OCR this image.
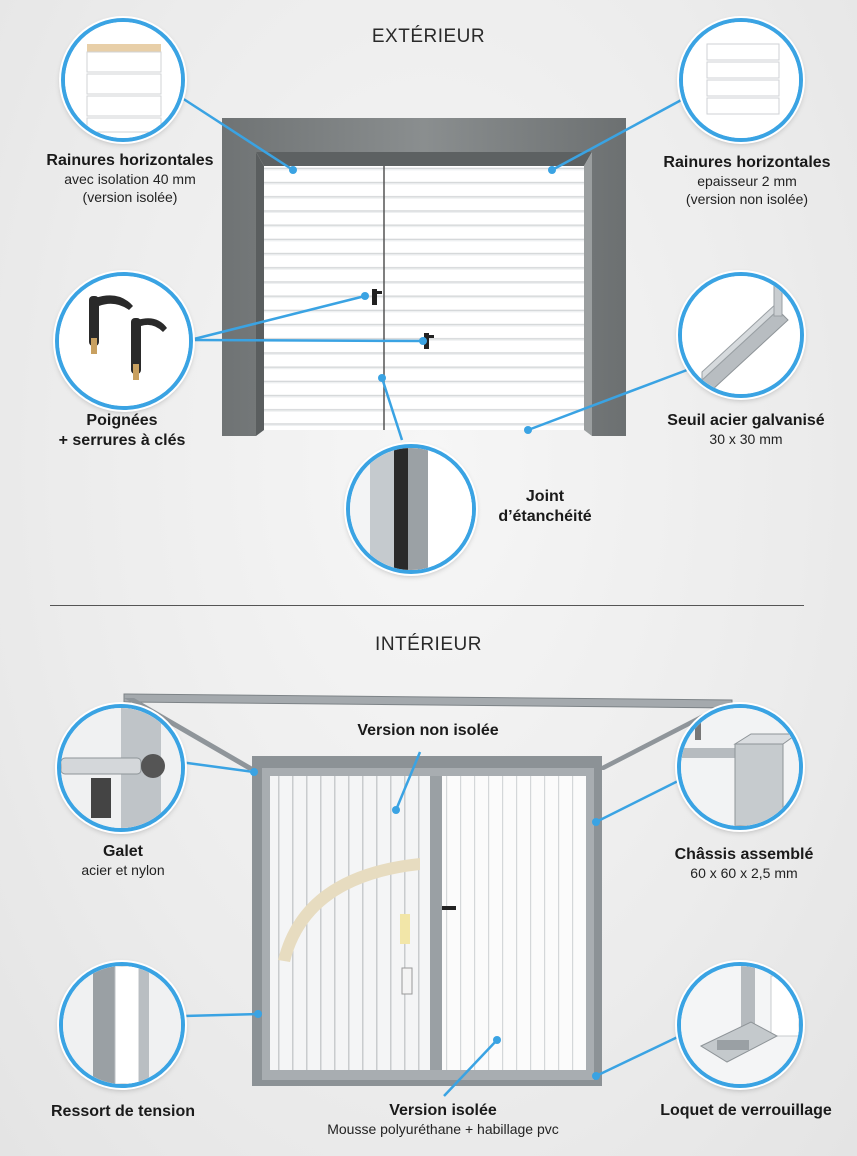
EXTÉRIEUR
Rainures horizontales
avec isolation 40 mm
(version isolée)
Rainures horizontales
epaisseur 2 mm
(version non isolée)
Poignées
+ serrures à clés
Seuil acier galvanisé
30 x 30 mm
Joint
d’étanchéité
INTÉRIEUR
Version non isolée
Galet
acier et nylon
Châssis assemblé
60 x 60 x 2,5 mm
Ressort de tension	Version isolée
Mousse polyuréthane + habillage pvc
Loquet de verrouillage
